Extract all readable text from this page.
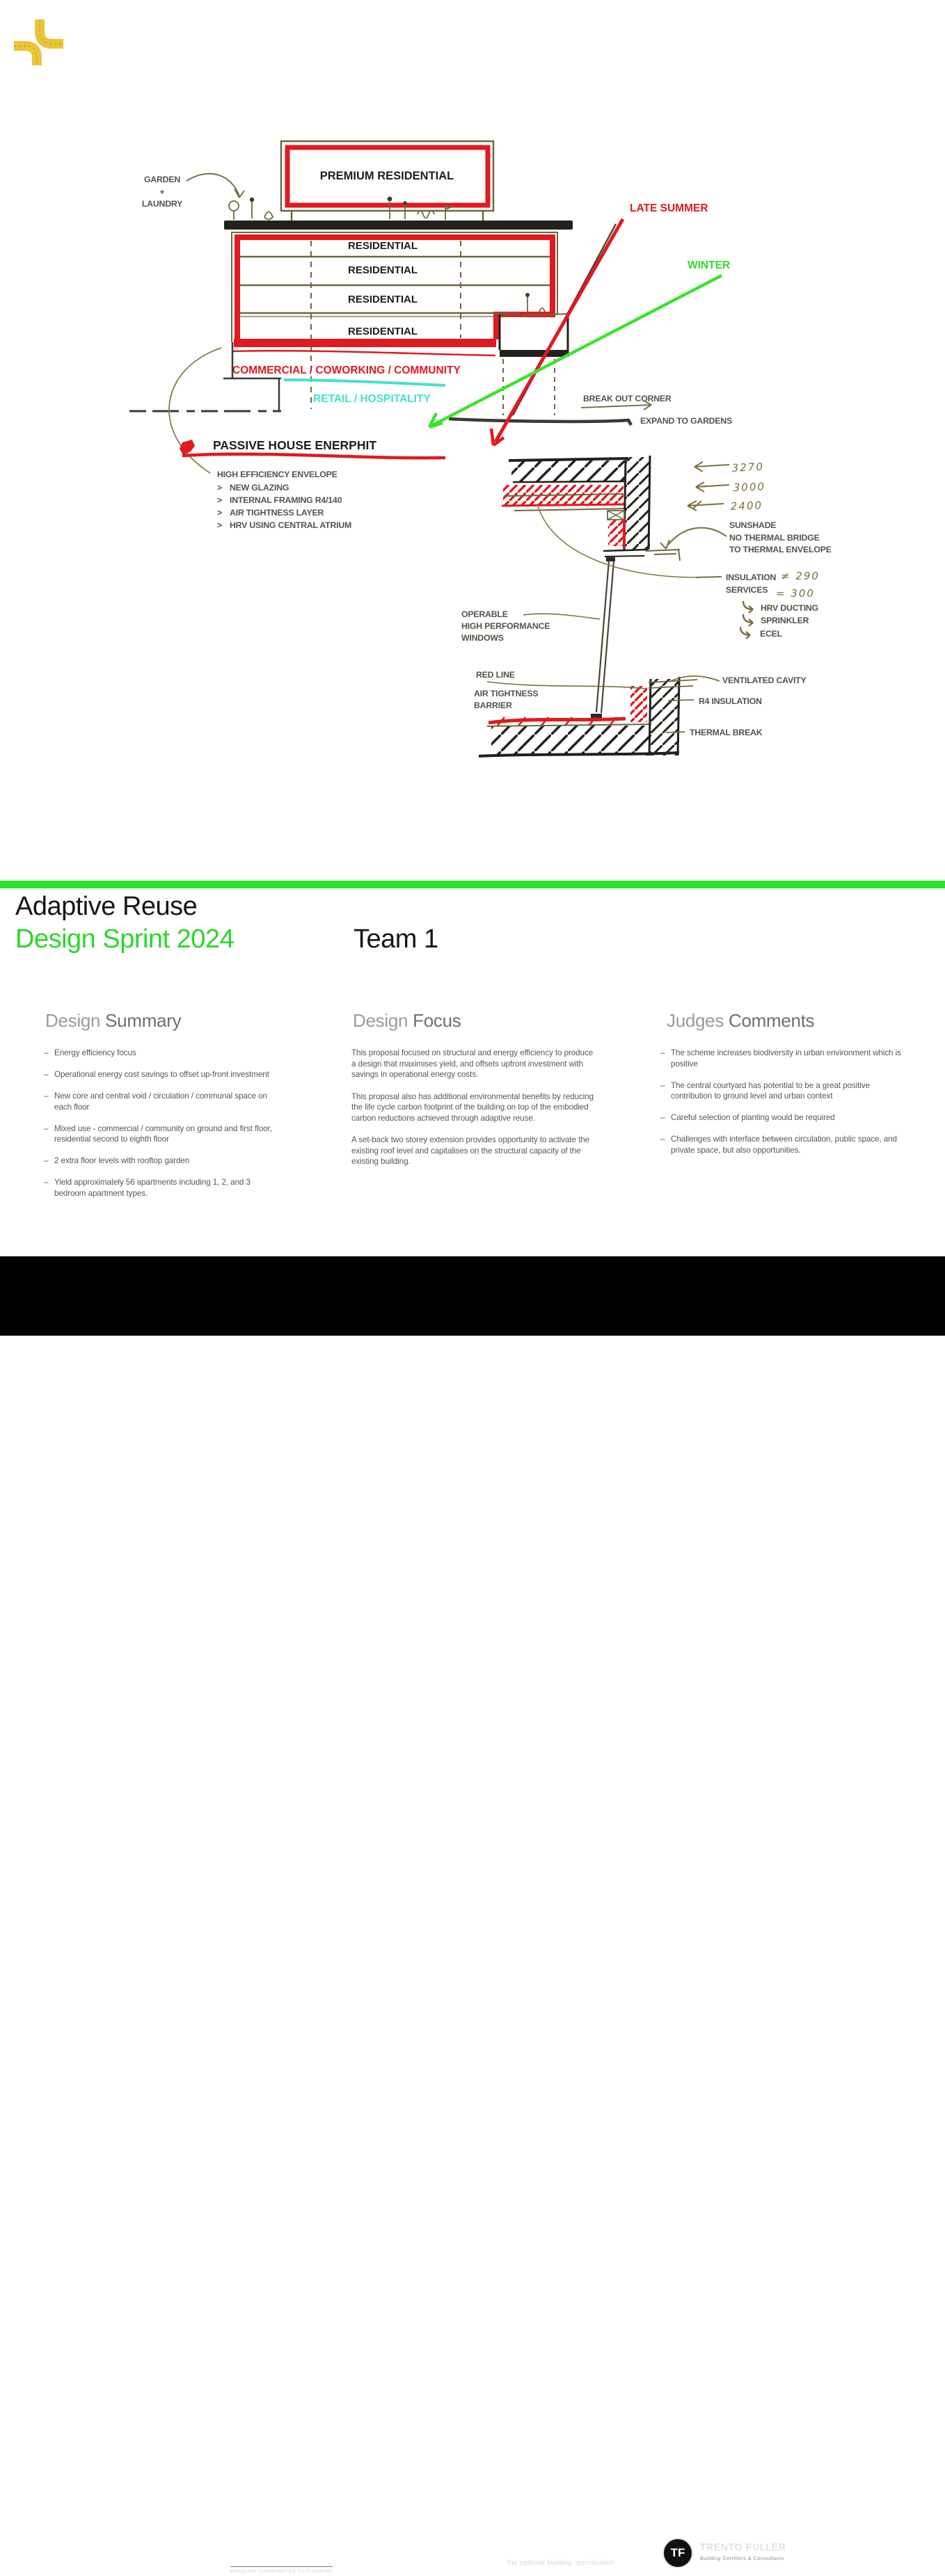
GARDEN
+
LAUNDRY
PREMIUM RESIDENTIAL
RESIDENTIAL
RESIDENTIAL
RESIDENTIAL
RESIDENTIAL
COMMERCIAL / COWORKING / COMMUNITY
RETAIL / HOSPITALITY
LATE SUMMER
WINTER
BREAK OUT CORNER
EXPAND TO GARDENS
PASSIVE HOUSE ENERPHIT
HIGH EFFICIENCY ENVELOPE
> NEW GLAZING
> INTERNAL FRAMING R4/140
> AIR TIGHTNESS LAYER
> HRV USING CENTRAL ATRIUM
3270
3000
2400
SUNSHADE
NO THERMAL BRIDGE
TO THERMAL ENVELOPE
INSULATION ≠ 290
SERVICES = 300
HRV DUCTING
SPRINKLER
ECEL
OPERABLE
HIGH PERFORMANCE
WINDOWS
RED LINE
AIR TIGHTNESS
BARRIER
VENTILATED CAVITY
R4 INSULATION
THERMAL BREAK
Adaptive Reuse
Design Sprint 2024	Team 1
Design Summary	Design Focus	Judges Comments
– Energy efficiency focus
– Operational energy cost savings to offset up-front investment
– New core and central void / circulation / communal space on each floor
– Mixed use - commercial / community on ground and first floor, residential second to eighth floor
– 2 extra floor levels with rooftop garden
– Yield approximately 56 apartments including 1, 2, and 3 bedroom apartment types.

This proposal focused on structural and energy efficiency to produce a design that maximises yield, and offsets upfront investment with savings in operational energy costs.

This proposal also has additional environmental benefits by reducing the life cycle carbon footprint of the building on top of the embodied carbon reductions achieved through adaptive reuse.

A set-back two storey extension provides opportunity to activate the existing roof level and capitalises on the structural capacity of the existing building.

– The scheme increases biodiversity in urban environment which is positive
– The central courtyard has potential to be a great positive contribution to ground level and urban context
– Careful selection of planting would be required
– Challenges with interface between circulation, public space, and private space, but also opportunities.
Australian
Institute of
Architects
Hames
Sharley
ENABLING COMMUNITIES TO FLOURISH
ARUP	NATSPEC
the national building specification
TF TRENTO FULLER
Building Certifiers & Consultants
DONALD
CANT
WATTS
CORKE
